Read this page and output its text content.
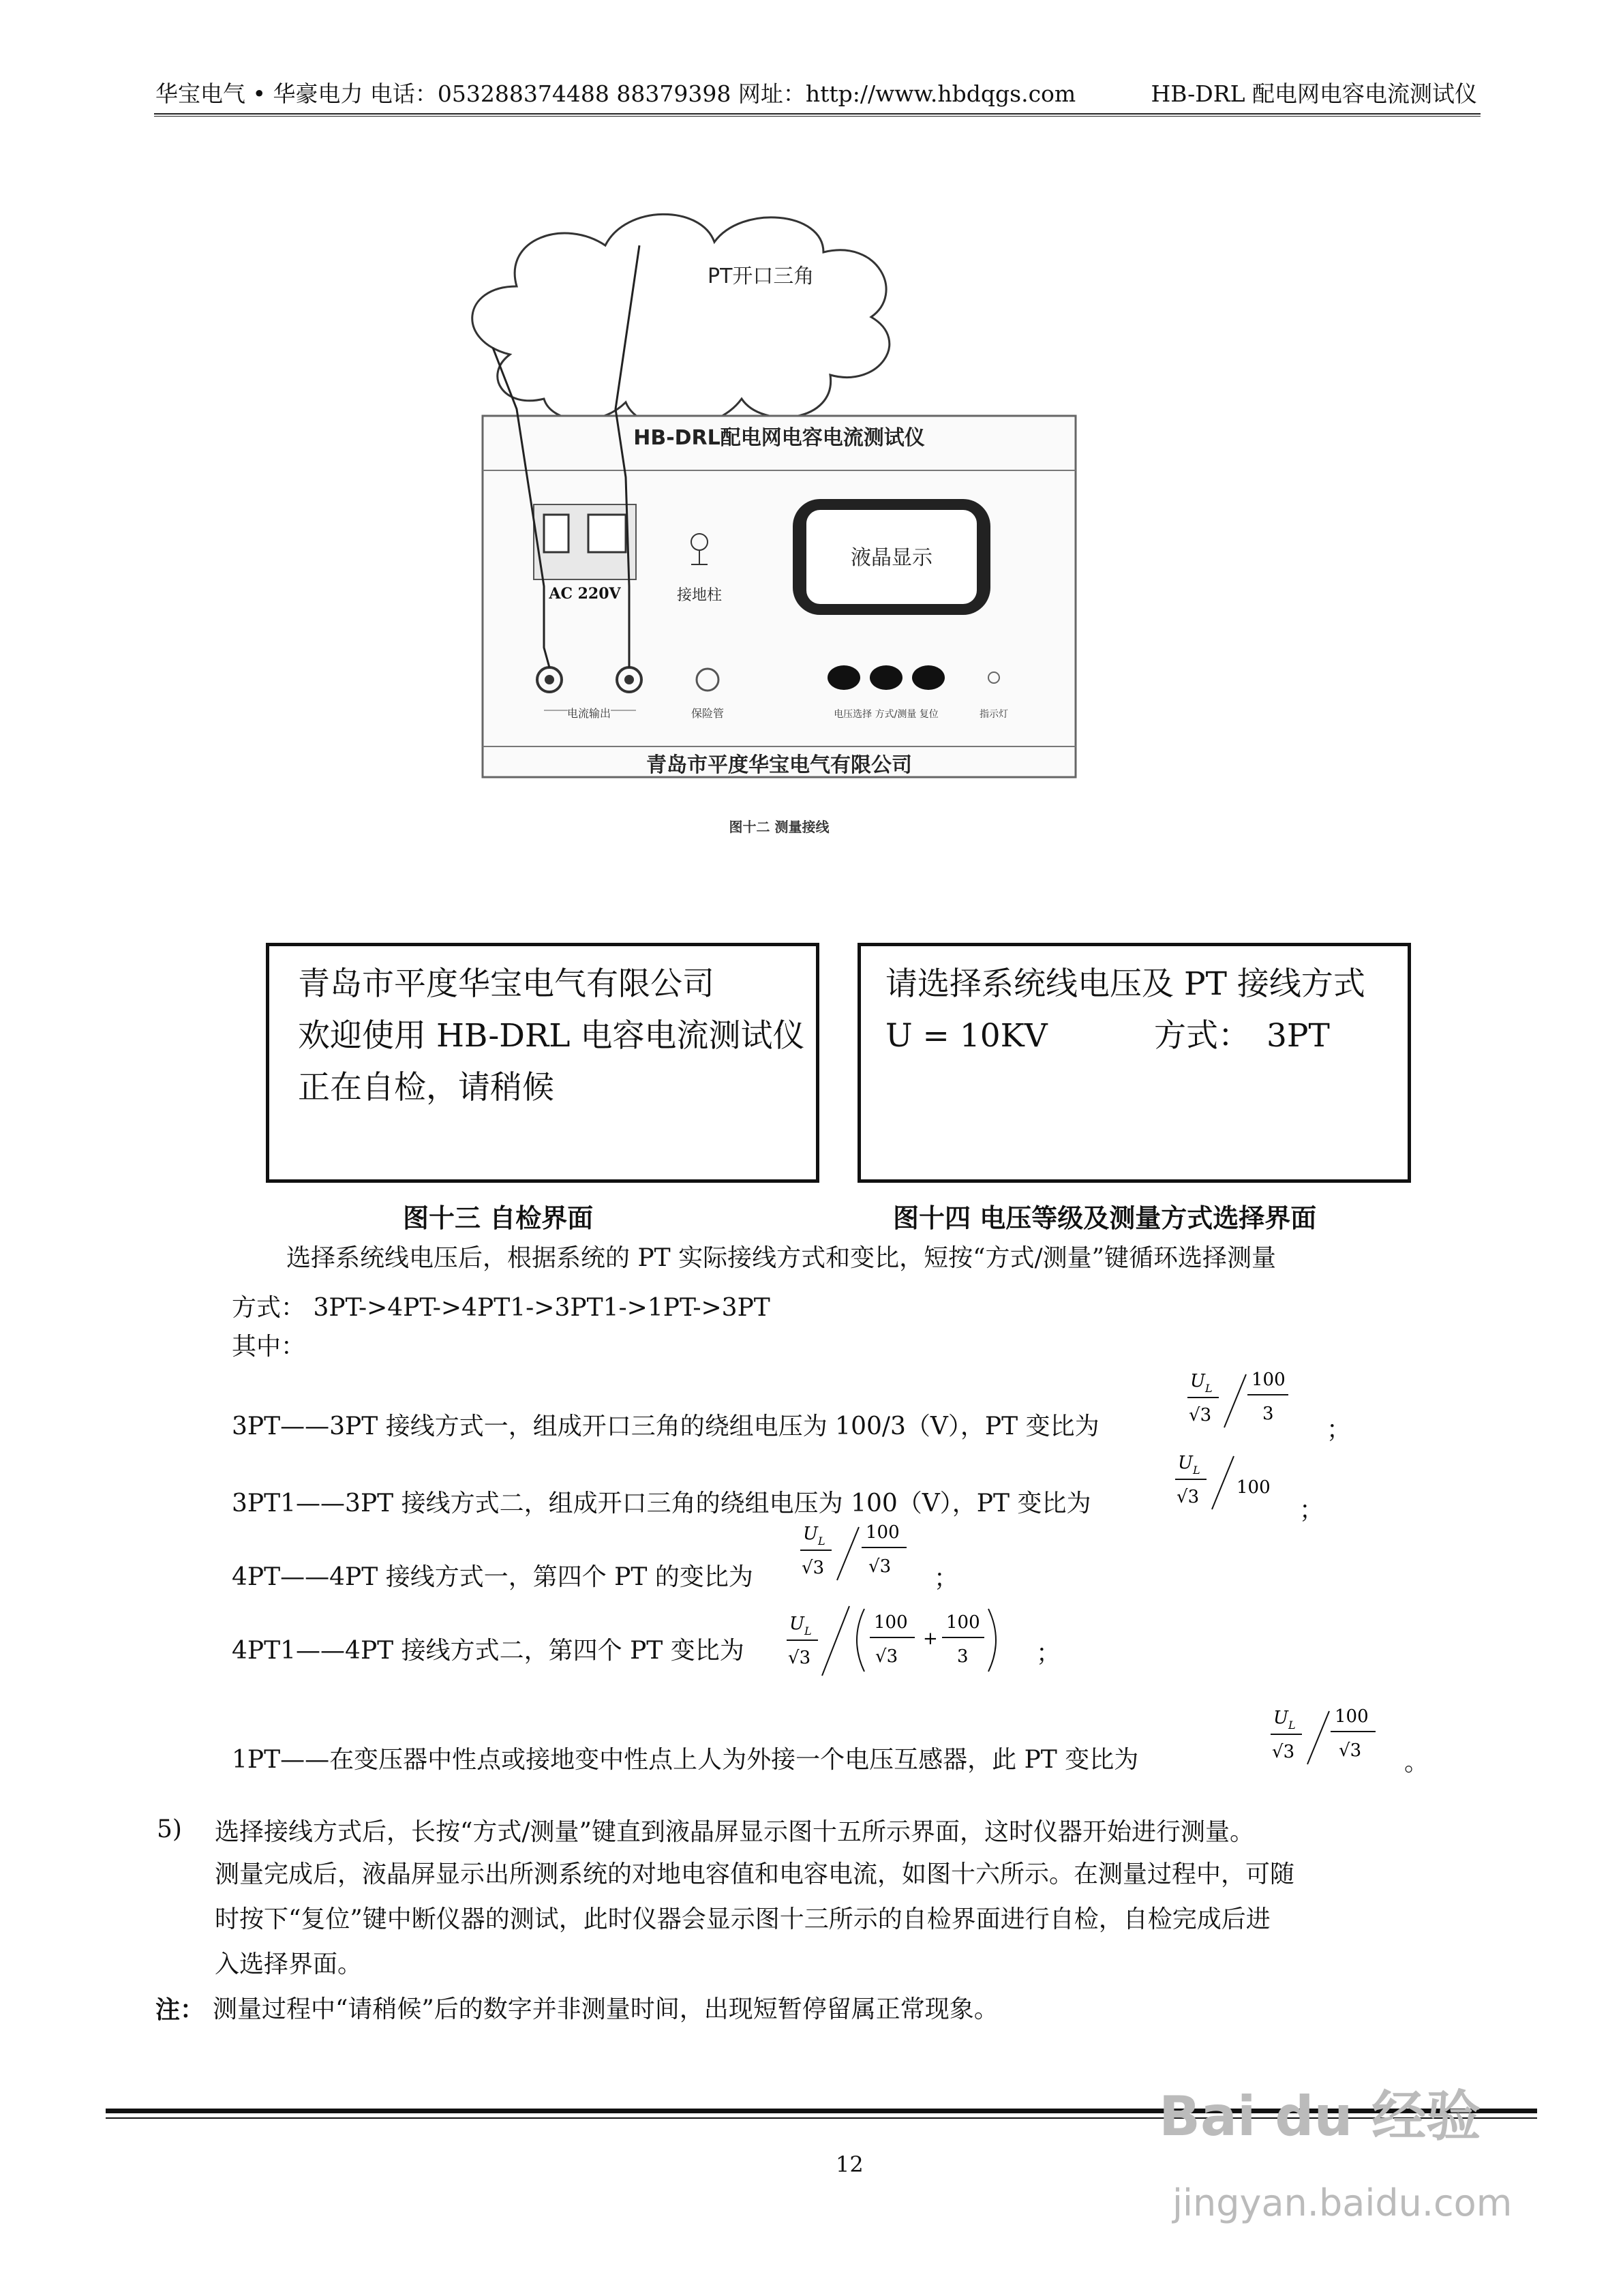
华宝电气 • 华豪电力 电话：053288374488 88379398 网址：http://www.hbdqgs.com	HB-DRL 配电网电容电流测试仪
PT开口三角
HB-DRL配电网电容电流测试仪
AC 220V	接地柱
液晶显示
电流输出	保险管	电压选择 方式/测量 复位	指示灯
青岛市平度华宝电气有限公司
图十二 测量接线
青岛市平度华宝电气有限公司
欢迎使用 HB-DRL 电容电流测试仪
正在自检，请稍候
图十三 自检界面
请选择系统线电压及 PT 接线方式
U = 10KV	方式： 3PT
图十四 电压等级及测量方式选择界面
选择系统线电压后，根据系统的 PT 实际接线方式和变比，短按“方式/测量”键循环选择测量
方式： 3PT->4PT->4PT1->3PT1->1PT->3PT
其中：
3PT——3PT 接线方式一，组成开口三角的绕组电压为 100/3（V），PT 变比为
U L
√3
100
3
；
3PT1——3PT 接线方式二，组成开口三角的绕组电压为 100（V），PT 变比为
U L
√3 100
；
4PT——4PT 接线方式一，第四个 PT 的变比为
U L
√3
100
√3 ；
4PT1——4PT 接线方式二，第四个 PT 变比为
U L
√3
100
√3
+
100
3	；
1PT——在变压器中性点或接地变中性点上人为外接一个电压互感器，此 PT 变比为
U L
√3
100
√3 。
5) 选择接线方式后，长按“方式/测量”键直到液晶屏显示图十五所示界面，这时仪器开始进行测量。
测量完成后，液晶屏显示出所测系统的对地电容值和电容电流，如图十六所示。在测量过程中，可随
时按下“复位”键中断仪器的测试，此时仪器会显示图十三所示的自检界面进行自检，自检完成后进
入选择界面。
注： 测量过程中“请稍候”后的数字并非测量时间，出现短暂停留属正常现象。
12
Bai du 经验
jingyan.baidu.com
